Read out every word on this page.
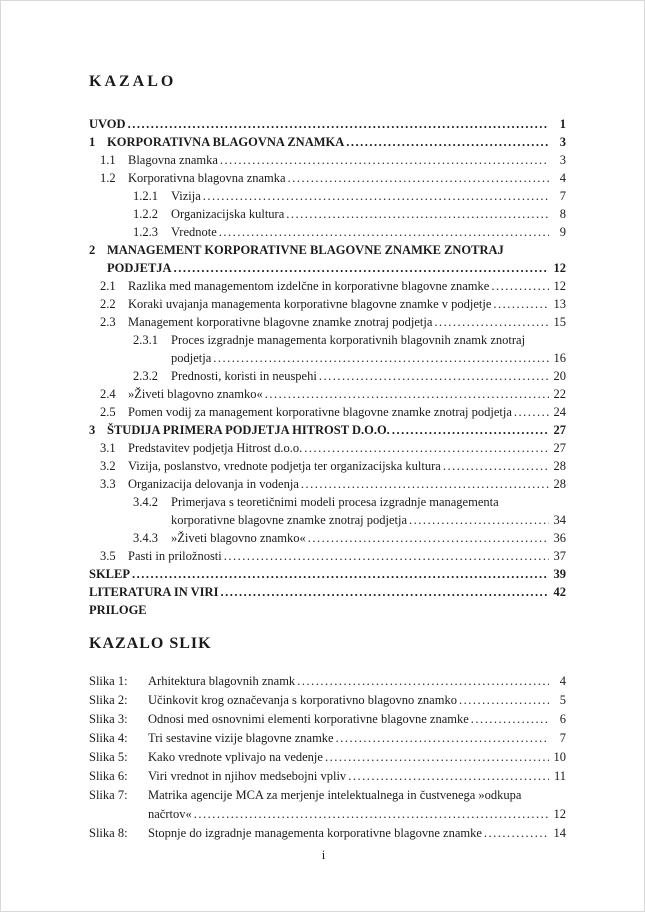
KAZALO
UVOD .....	1
1 KORPORATIVNA BLAGOVNA ZNAMKA .....	3
1.1 Blagovna znamka .....	3
1.2 Korporativna blagovna znamka .....	4
1.2.1	Vizija .....	7
1.2.2	Organizacijska kultura .....	8
1.2.3	Vrednote .....	9
2 MANAGEMENT KORPORATIVNE BLAGOVNE ZNAMKE ZNOTRAJ
PODJETJA .....	12
2.1 Razlika med managementom izdelčne in korporativne blagovne znamke .....	12
2.2 Koraki uvajanja managementa korporativne blagovne znamke v podjetje .....	13
2.3 Management korporativne blagovne znamke znotraj podjetja .....	15
2.3.1	Proces izgradnje managementa korporativnih blagovnih znamk znotraj
podjetja .....	16
2.3.2	Prednosti, koristi in neuspehi .....	20
2.4 »Živeti blagovno znamko« .....	22
2.5 Pomen vodij za management korporativne blagovne znamke znotraj podjetja .....	24
3 ŠTUDIJA PRIMERA PODJETJA HITROST D.O.O. .....	27
3.1 Predstavitev podjetja Hitrost d.o.o. .....	27
3.2 Vizija, poslanstvo, vrednote podjetja ter organizacijska kultura .....	28
3.3 Organizacija delovanja in vodenja .....	28
3.4.2	Primerjava s teoretičnimi modeli procesa izgradnje managementa
korporativne blagovne znamke znotraj podjetja .....	34
3.4.3	»Živeti blagovno znamko« .....	36
3.5 Pasti in priložnosti .....	37
SKLEP .....	39
LITERATURA IN VIRI .....	42
PRILOGE
KAZALO SLIK
Slika 1:	Arhitektura blagovnih znamk .....	4
Slika 2:	Učinkovit krog označevanja s korporativno blagovno znamko .....	5
Slika 3:	Odnosi med osnovnimi elementi korporativne blagovne znamke .....	6
Slika 4:	Tri sestavine vizije blagovne znamke .....	7
Slika 5:	Kako vrednote vplivajo na vedenje .....	10
Slika 6:	Viri vrednot in njihov medsebojni vpliv .....	11
Slika 7:	Matrika agencije MCA za merjenje intelektualnega in čustvenega »odkupa
načrtov« .....	12
Slika 8:	Stopnje do izgradnje managementa korporativne blagovne znamke .....	14
i
